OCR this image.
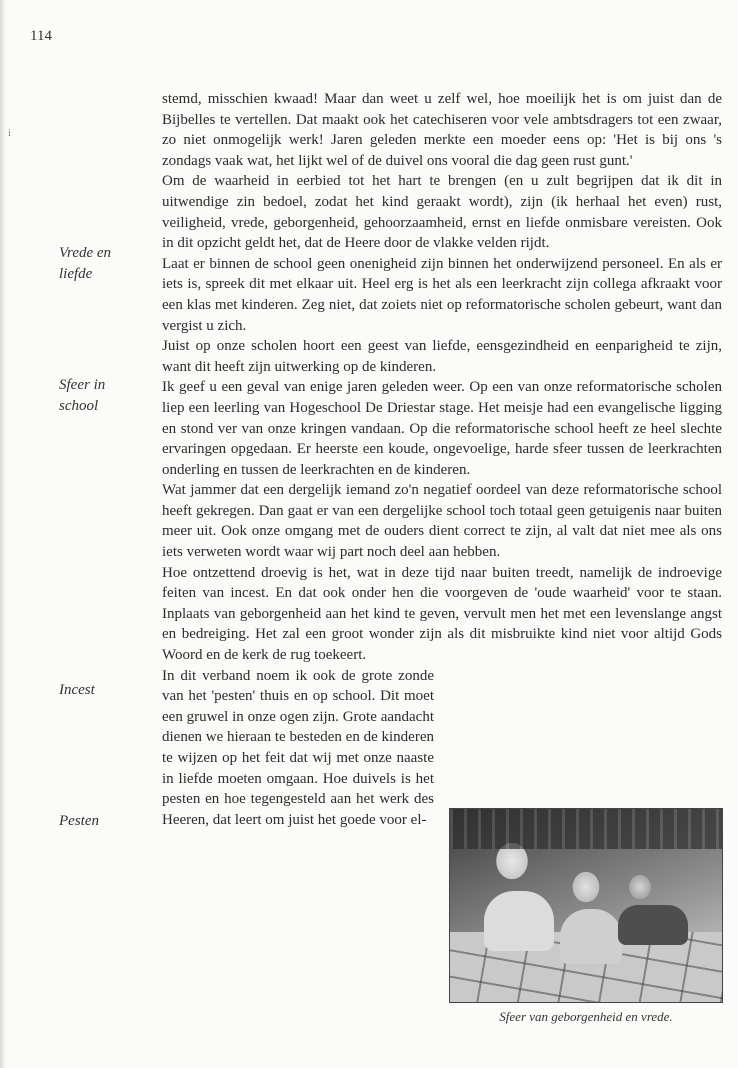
114
i
Vrede en
liefde
Sfeer in
school
Incest
Pesten

stemd, misschien kwaad! Maar dan weet u zelf wel, hoe moeilijk het is om juist dan de Bijbelles te vertellen. Dat maakt ook het catechiseren voor vele ambtsdragers tot een zwaar, zo niet onmogelijk werk! Jaren geleden merkte een moeder eens op: 'Het is bij ons 's zondags vaak wat, het lijkt wel of de duivel ons vooral die dag geen rust gunt.'

Om de waarheid in eerbied tot het hart te brengen (en u zult begrijpen dat ik dit in uitwendige zin bedoel, zodat het kind geraakt wordt), zijn (ik herhaal het even) rust, veiligheid, vrede, geborgenheid, gehoorzaamheid, ernst en liefde onmisbare vereisten. Ook in dit opzicht geldt het, dat de Heere door de vlakke velden rijdt.

Laat er binnen de school geen onenigheid zijn binnen het onderwijzend personeel. En als er iets is, spreek dit met elkaar uit. Heel erg is het als een leerkracht zijn collega afkraakt voor een klas met kinderen. Zeg niet, dat zoiets niet op reformatorische scholen gebeurt, want dan vergist u zich.

Juist op onze scholen hoort een geest van liefde, eensgezindheid en eenparigheid te zijn, want dit heeft zijn uitwerking op de kinderen.

Ik geef u een geval van enige jaren geleden weer. Op een van onze reformatorische scholen liep een leerling van Hogeschool De Driestar stage. Het meisje had een evangelische ligging en stond ver van onze kringen vandaan. Op die reformatorische school heeft ze heel slechte ervaringen opgedaan. Er heerste een koude, ongevoelige, harde sfeer tussen de leerkrachten onderling en tussen de leerkrachten en de kinderen.

Wat jammer dat een dergelijk iemand zo'n negatief oordeel van deze reformatorische school heeft gekregen. Dan gaat er van een dergelijke school toch totaal geen getuigenis naar buiten meer uit. Ook onze omgang met de ouders dient correct te zijn, al valt dat niet mee als ons iets verweten wordt waar wij part noch deel aan hebben.

Hoe ontzettend droevig is het, wat in deze tijd naar buiten treedt, namelijk de indroevige feiten van incest. En dat ook onder hen die voorgeven de 'oude waarheid' voor te staan. Inplaats van geborgenheid aan het kind te geven, vervult men het met een levenslange angst en bedreiging. Het zal een groot wonder zijn als dit misbruikte kind niet voor altijd Gods Woord en de kerk de rug toekeert.

In dit verband noem ik ook de grote zonde van het 'pesten' thuis en op school. Dit moet een gruwel in onze ogen zijn. Grote aandacht dienen we hieraan te besteden en de kinderen te wijzen op het feit dat wij met onze naaste in liefde moeten omgaan. Hoe duivels is het pesten en hoe tegengesteld aan het werk des Heeren, dat leert om juist het goede voor el-

Sfeer van geborgenheid en vrede.
